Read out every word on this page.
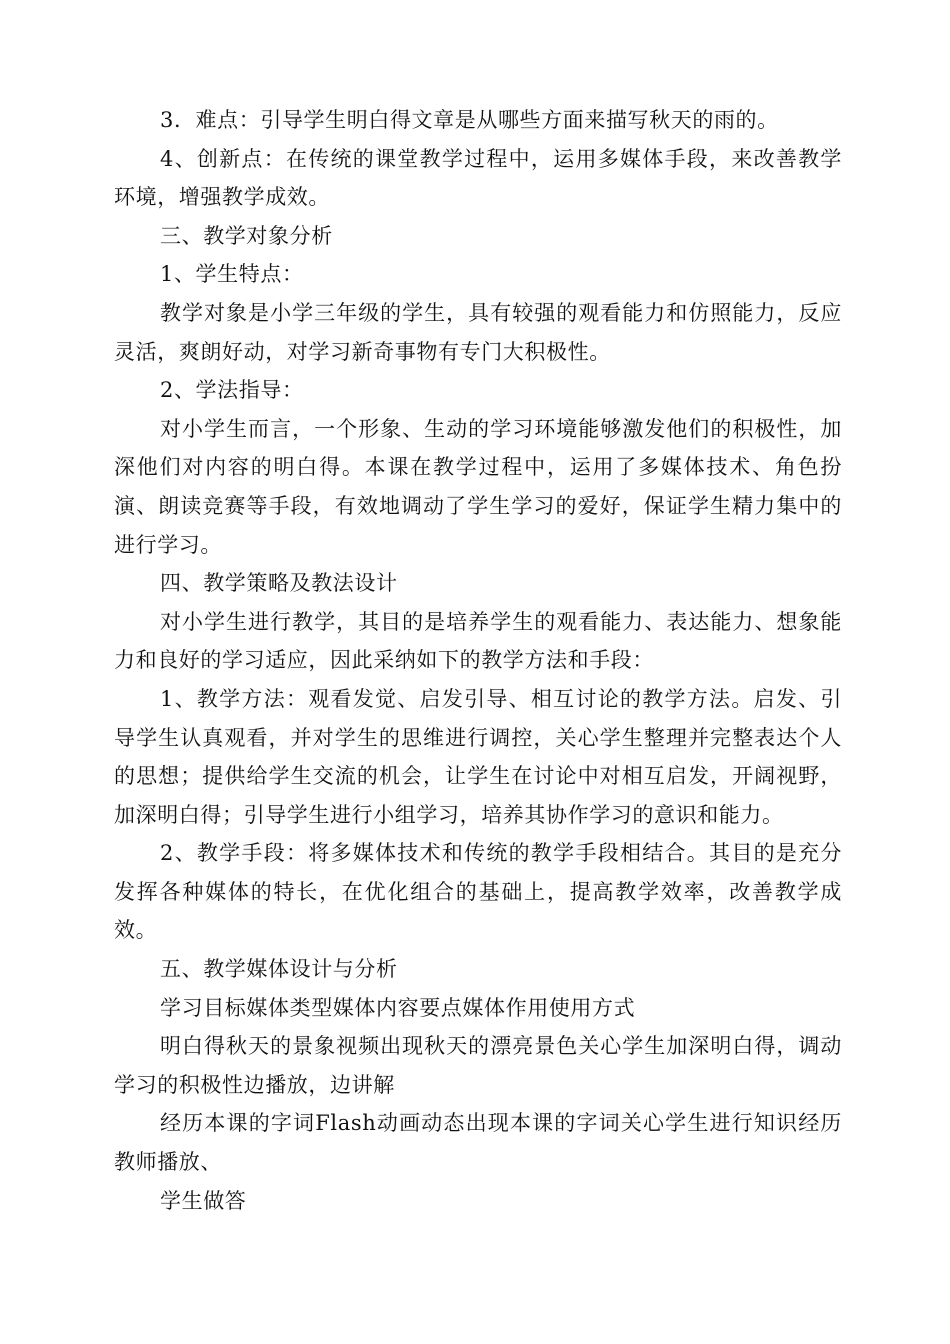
3．难点：引导学生明白得文章是从哪些方面来描写秋天的雨的。

4、创新点：在传统的课堂教学过程中，运用多媒体手段，来改善教学环境，增强教学成效。

三、教学对象分析

1、学生特点：

教学对象是小学三年级的学生，具有较强的观看能力和仿照能力，反应灵活，爽朗好动，对学习新奇事物有专门大积极性。

2、学法指导：

对小学生而言，一个形象、生动的学习环境能够激发他们的积极性，加深他们对内容的明白得。本课在教学过程中，运用了多媒体技术、角色扮演、朗读竞赛等手段，有效地调动了学生学习的爱好，保证学生精力集中的进行学习。

四、教学策略及教法设计

对小学生进行教学，其目的是培养学生的观看能力、表达能力、想象能力和良好的学习适应，因此采纳如下的教学方法和手段：

1、教学方法：观看发觉、启发引导、相互讨论的教学方法。启发、引导学生认真观看，并对学生的思维进行调控，关心学生整理并完整表达个人的思想；提供给学生交流的机会，让学生在讨论中对相互启发，开阔视野，加深明白得；引导学生进行小组学习，培养其协作学习的意识和能力。

2、教学手段：将多媒体技术和传统的教学手段相结合。其目的是充分发挥各种媒体的特长，在优化组合的基础上，提高教学效率，改善教学成效。

五、教学媒体设计与分析

学习目标媒体类型媒体内容要点媒体作用使用方式

明白得秋天的景象视频出现秋天的漂亮景色关心学生加深明白得，调动学习的积极性边播放，边讲解

经历本课的字词Flash动画动态出现本课的字词关心学生进行知识经历教师播放、

学生做答
